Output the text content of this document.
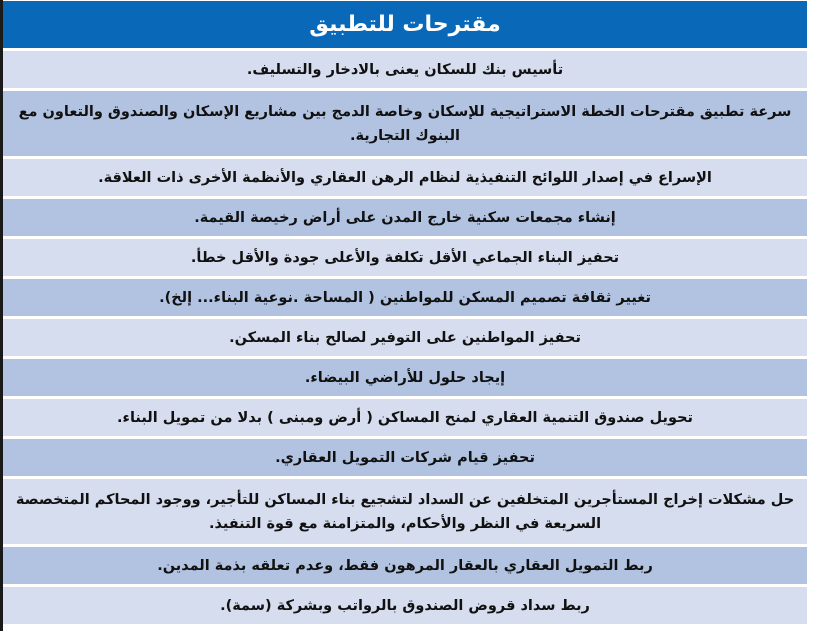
مقترحات للتطبيق
تأسيس بنك للسكان يعنى بالادخار والتسليف.
سرعة تطبيق مقترحات الخطة الاستراتيجية للإسكان وخاصة الدمج بين مشاريع الإسكان والصندوق والتعاون مع البنوك التجارية.
الإسراع في إصدار اللوائح التنفيذية لنظام الرهن العقاري والأنظمة الأخرى ذات العلاقة.
إنشاء مجمعات سكنية خارج المدن على أراض رخيصة القيمة.
تحفيز البناء الجماعي الأقل تكلفة والأعلى جودة والأقل خطأ.
تغيير ثقافة تصميم المسكن للمواطنين ( المساحة .نوعية البناء... إلخ).
تحفيز المواطنين على التوفير لصالح بناء المسكن.
إيجاد حلول للأراضي البيضاء.
تحويل صندوق التنمية العقاري لمنح المساكن ( أرض ومبنى ) بدلا من تمويل البناء.
تحفيز قيام شركات التمويل العقاري.
حل مشكلات إخراج المستأجرين المتخلفين عن السداد لتشجيع بناء المساكن للتأجير، ووجود المحاكم المتخصصة السريعة في النظر والأحكام، والمتزامنة مع قوة التنفيذ.
ربط التمويل العقاري بالعقار المرهون فقط، وعدم تعلقه بذمة المدين.
ربط سداد قروض الصندوق بالرواتب وبشركة (سمة).
